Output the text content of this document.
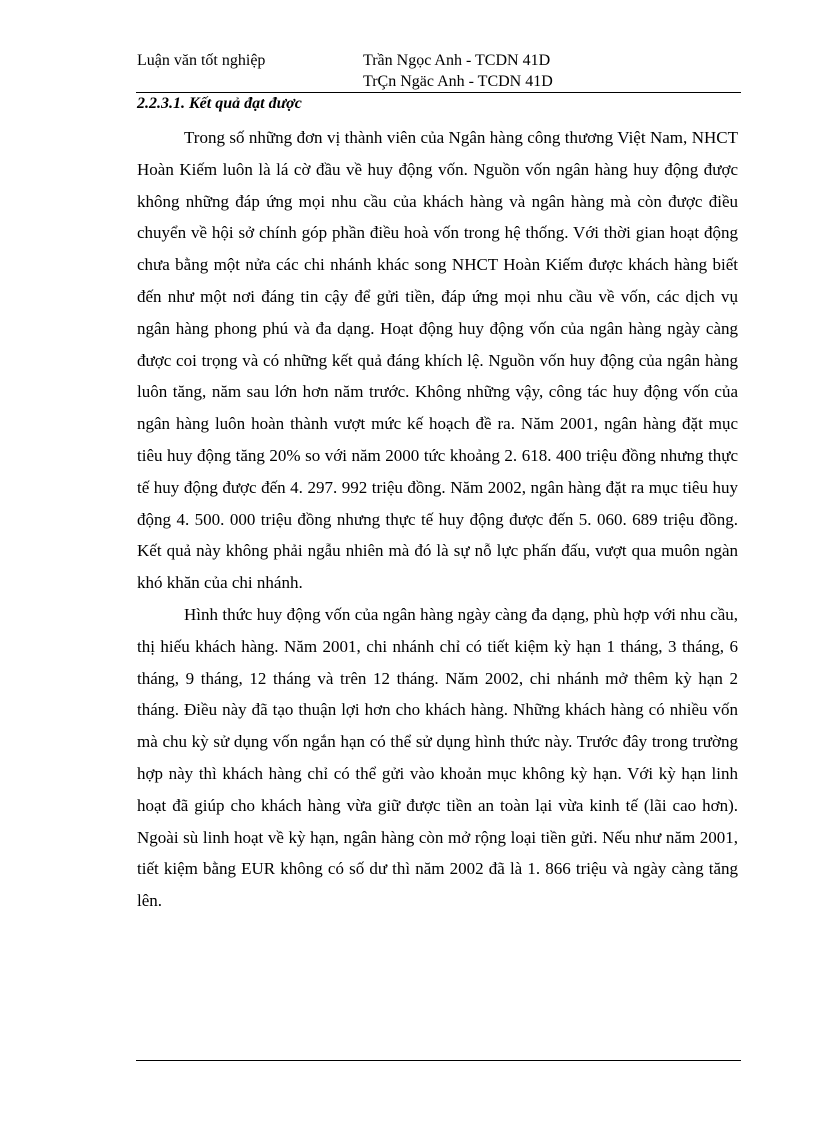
Luận văn tốt nghiệp	Trần Ngọc Anh - TCDN 41D
TrÇn Ngäc Anh - TCDN 41D
2.2.3.1. Kết quả đạt được

Trong số những đơn vị thành viên của Ngân hàng công thương Việt Nam, NHCT Hoàn Kiếm luôn là lá cờ đầu về huy động vốn. Nguồn vốn ngân hàng huy động được không những đáp ứng mọi nhu cầu của khách hàng và ngân hàng mà còn được điều chuyển về hội sở chính góp phần điều hoà vốn trong hệ thống. Với thời gian hoạt động chưa bằng một nửa các chi nhánh khác song NHCT Hoàn Kiếm được khách hàng biết đến như một nơi đáng tin cậy để gửi tiền, đáp ứng mọi nhu cầu về vốn, các dịch vụ ngân hàng phong phú và đa dạng. Hoạt động huy động vốn của ngân hàng ngày càng được coi trọng và có những kết quả đáng khích lệ. Nguồn vốn huy động của ngân hàng luôn tăng, năm sau lớn hơn năm trước. Không những vậy, công tác huy động vốn của ngân hàng luôn hoàn thành vượt mức kế hoạch đề ra. Năm 2001, ngân hàng đặt mục tiêu huy động tăng 20% so với năm 2000 tức khoảng 2. 618. 400 triệu đồng nhưng thực tế huy động được đến 4. 297. 992 triệu đồng. Năm 2002, ngân hàng đặt ra mục tiêu huy động 4. 500. 000 triệu đồng nhưng thực tế huy động được đến 5. 060. 689 triệu đồng. Kết quả này không phải ngẫu nhiên mà đó là sự nỗ lực phấn đấu, vượt qua muôn ngàn khó khăn của chi nhánh.

Hình thức huy động vốn của ngân hàng ngày càng đa dạng, phù hợp với nhu cầu, thị hiếu khách hàng. Năm 2001, chi nhánh chỉ có tiết kiệm kỳ hạn 1 tháng, 3 tháng, 6 tháng, 9 tháng, 12 tháng và trên 12 tháng. Năm 2002, chi nhánh mở thêm kỳ hạn 2 tháng. Điều này đã tạo thuận lợi hơn cho khách hàng. Những khách hàng có nhiều vốn mà chu kỳ sử dụng vốn ngắn hạn có thể sử dụng hình thức này. Trước đây trong trường hợp này thì khách hàng chỉ có thể gửi vào khoản mục không kỳ hạn. Với kỳ hạn linh hoạt đã giúp cho khách hàng vừa giữ được tiền an toàn lại vừa kinh tế (lãi cao hơn). Ngoài sù linh hoạt về kỳ hạn, ngân hàng còn mở rộng loại tiền gửi. Nếu như năm 2001, tiết kiệm bằng EUR không có số dư thì năm 2002 đã là 1. 866 triệu và ngày càng tăng lên.
